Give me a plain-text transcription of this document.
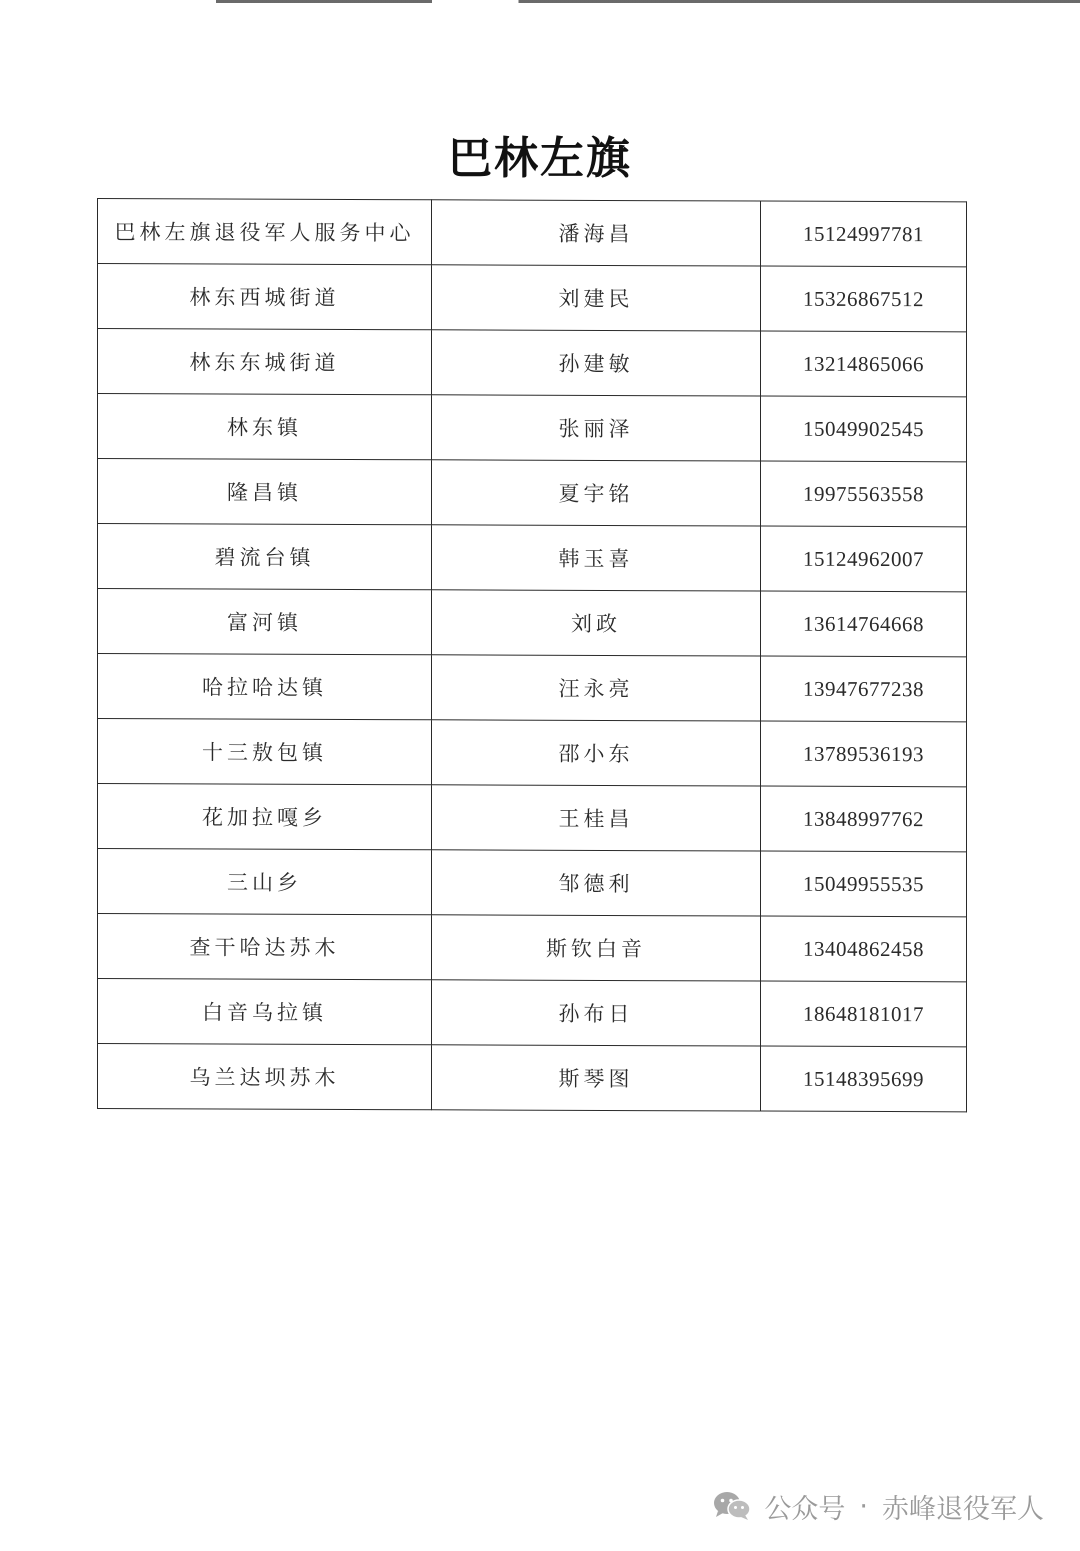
巴林左旗
巴林左旗退役军人服务中心	潘海昌	15124997781
林东西城街道	刘建民	15326867512
林东东城街道	孙建敏	13214865066
林东镇	张丽泽	15049902545
隆昌镇	夏宇铭	19975563558
碧流台镇	韩玉喜	15124962007
富河镇	刘政	13614764668
哈拉哈达镇	汪永亮	13947677238
十三敖包镇	邵小东	13789536193
花加拉嘎乡	王桂昌	13848997762
三山乡	邹德利	15049955535
查干哈达苏木	斯钦白音	13404862458
白音乌拉镇	孙布日	18648181017
乌兰达坝苏木	斯琴图	15148395699
公众号 · 赤峰退役军人
